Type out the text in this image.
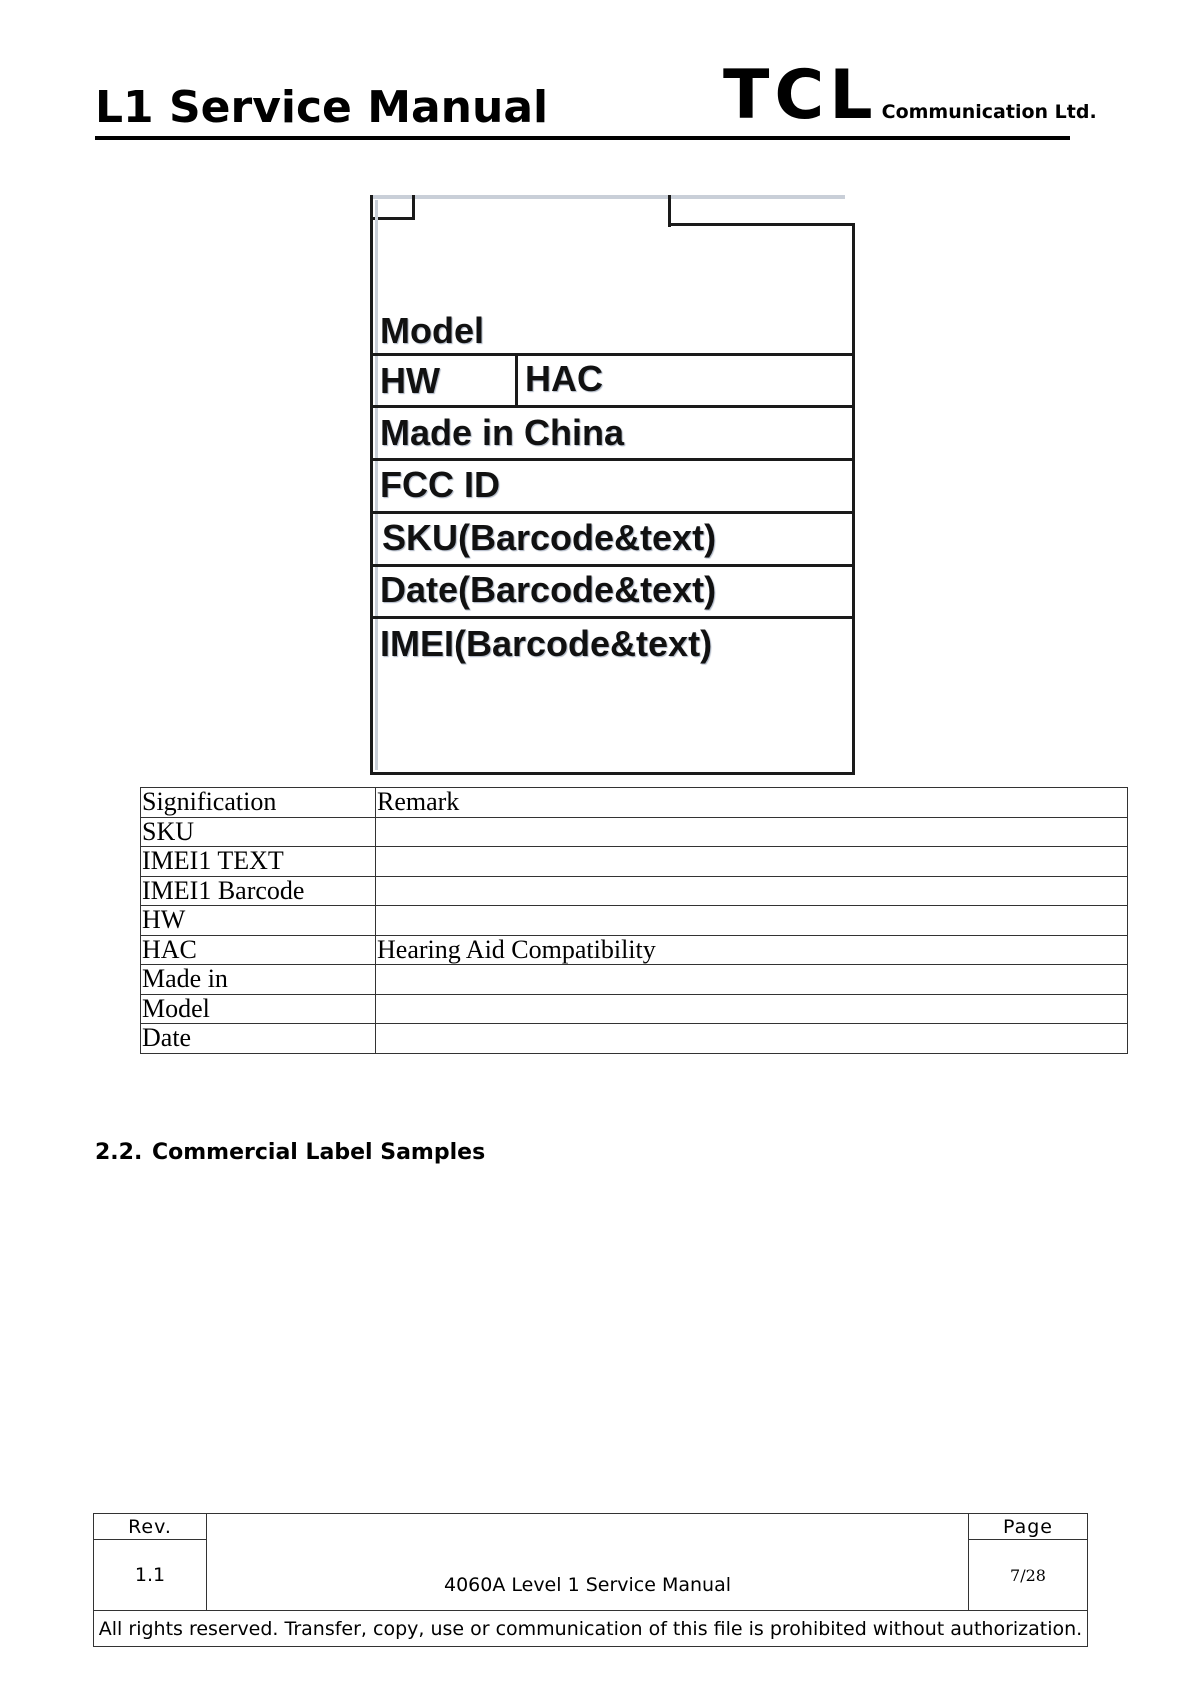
L1 Service Manual	TCL Communication Ltd.
Model
HW HAC
Made in China
FCC ID
SKU(Barcode&text)
Date(Barcode&text)
IMEI(Barcode&text)
Signification	Remark
SKU	
IMEI1 TEXT	
IMEI1 Barcode	
HW	
HAC	Hearing Aid Compatibility
Made in	
Model	
Date	
2.2. Commercial Label Samples
Rev.	4060A Level 1 Service Manual	Page
1.1		7/28
All rights reserved. Transfer, copy, use or communication of this file is prohibited without authorization.		
